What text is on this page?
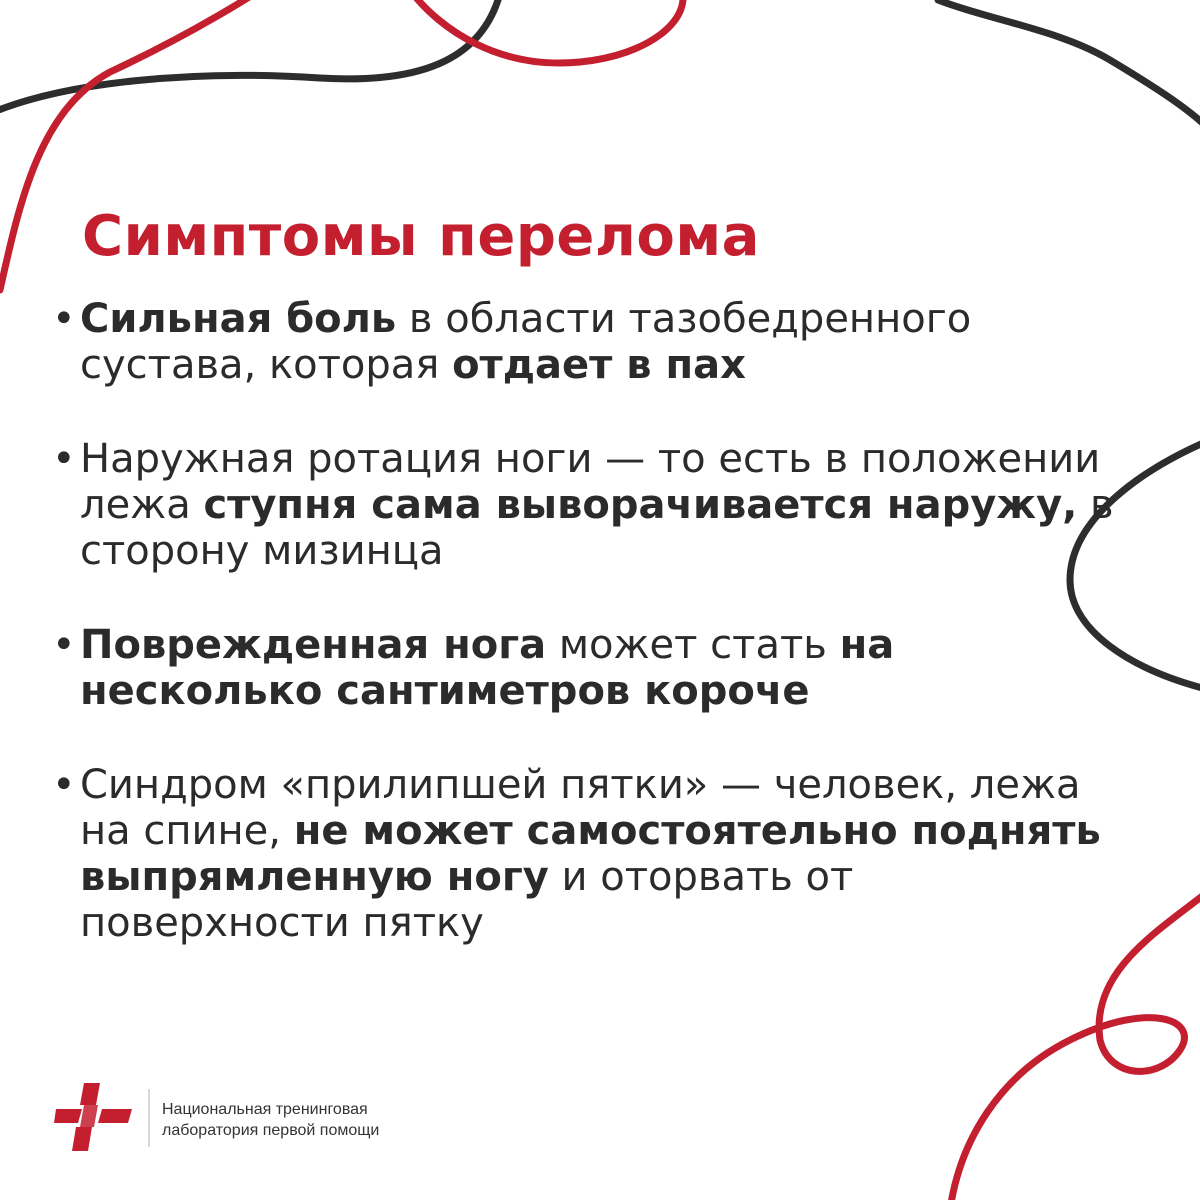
Симптомы перелома
• Сильная боль в области тазобедренного сустава, которая отдает в пах
• Наружная ротация ноги — то есть в положении лежа ступня сама выворачивается наружу, в сторону мизинца
• Поврежденная нога может стать на несколько сантиметров короче
• Синдром «прилипшей пятки» — человек, лежа на спине, не может самостоятельно поднять выпрямленную ногу и оторвать от поверхности пятку
Национальная тренинговая
лаборатория первой помощи
